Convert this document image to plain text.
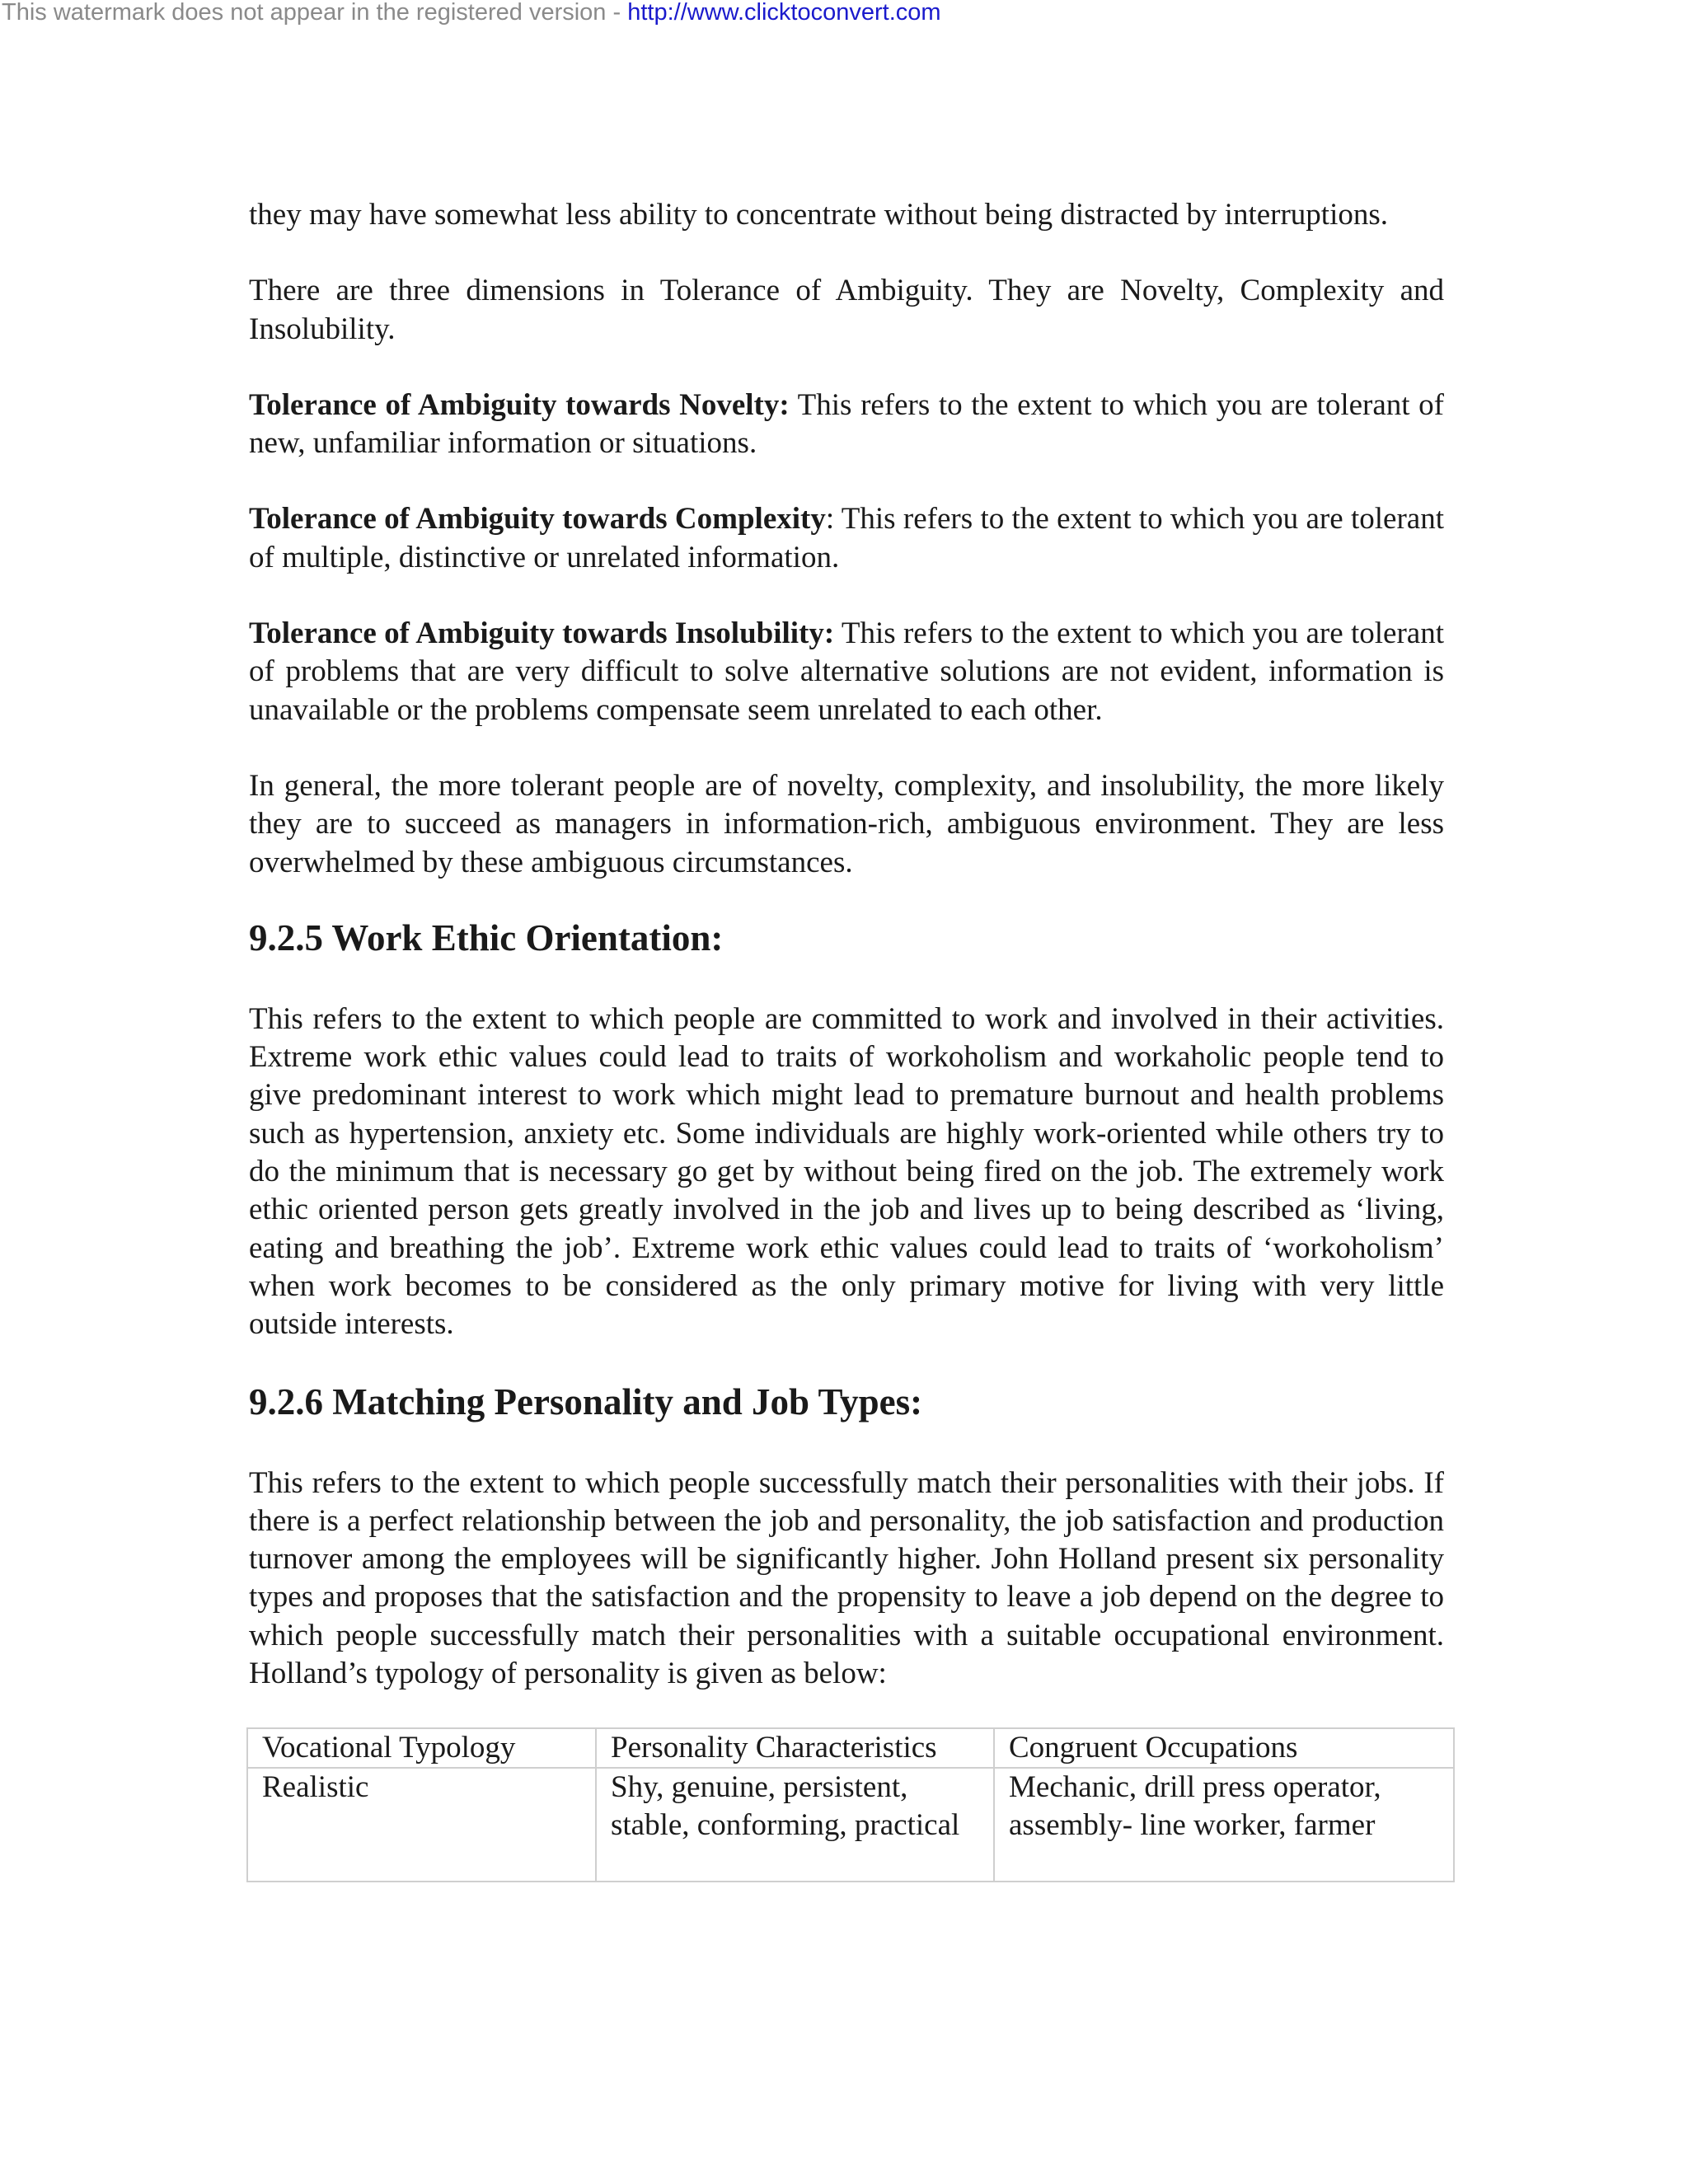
This watermark does not appear in the registered version - http://www.clicktoconvert.com

they may have somewhat less ability to concentrate without being distracted by interruptions.

There are three dimensions in Tolerance of Ambiguity. They are Novelty, Complexity and Insolubility.

Tolerance of Ambiguity towards Novelty: This refers to the extent to which you are tolerant of new, unfamiliar information or situations.

Tolerance of Ambiguity towards Complexity: This refers to the extent to which you are tolerant of multiple, distinctive or unrelated information.

Tolerance of Ambiguity towards Insolubility: This refers to the extent to which you are tolerant of problems that are very difficult to solve alternative solutions are not evident, information is unavailable or the problems compensate seem unrelated to each other.

In general, the more tolerant people are of novelty, complexity, and insolubility, the more likely they are to succeed as managers in information-rich, ambiguous environment. They are less overwhelmed by these ambiguous circumstances.

9.2.5 Work Ethic Orientation:

This refers to the extent to which people are committed to work and involved in their activities. Extreme work ethic values could lead to traits of workoholism and workaholic people tend to give predominant interest to work which might lead to premature burnout and health problems such as hypertension, anxiety etc. Some individuals are highly work-oriented while others try to do the minimum that is necessary go get by without being fired on the job. The extremely work ethic oriented person gets greatly involved in the job and lives up to being described as ‘living, eating and breathing the job’. Extreme work ethic values could lead to traits of ‘workoholism’ when work becomes to be considered as the only primary motive for living with very little outside interests.

9.2.6 Matching Personality and Job Types:

This refers to the extent to which people successfully match their personalities with their jobs. If there is a perfect relationship between the job and personality, the job satisfaction and production turnover among the employees will be significantly higher. John Holland present six personality types and proposes that the satisfaction and the propensity to leave a job depend on the degree to which people successfully match their personalities with a suitable occupational environment. Holland’s typology of personality is given as below:

Vocational Typology	Personality Characteristics	Congruent Occupations
Realistic	Shy, genuine, persistent, stable, conforming, practical	Mechanic, drill press operator, assembly- line worker, farmer
